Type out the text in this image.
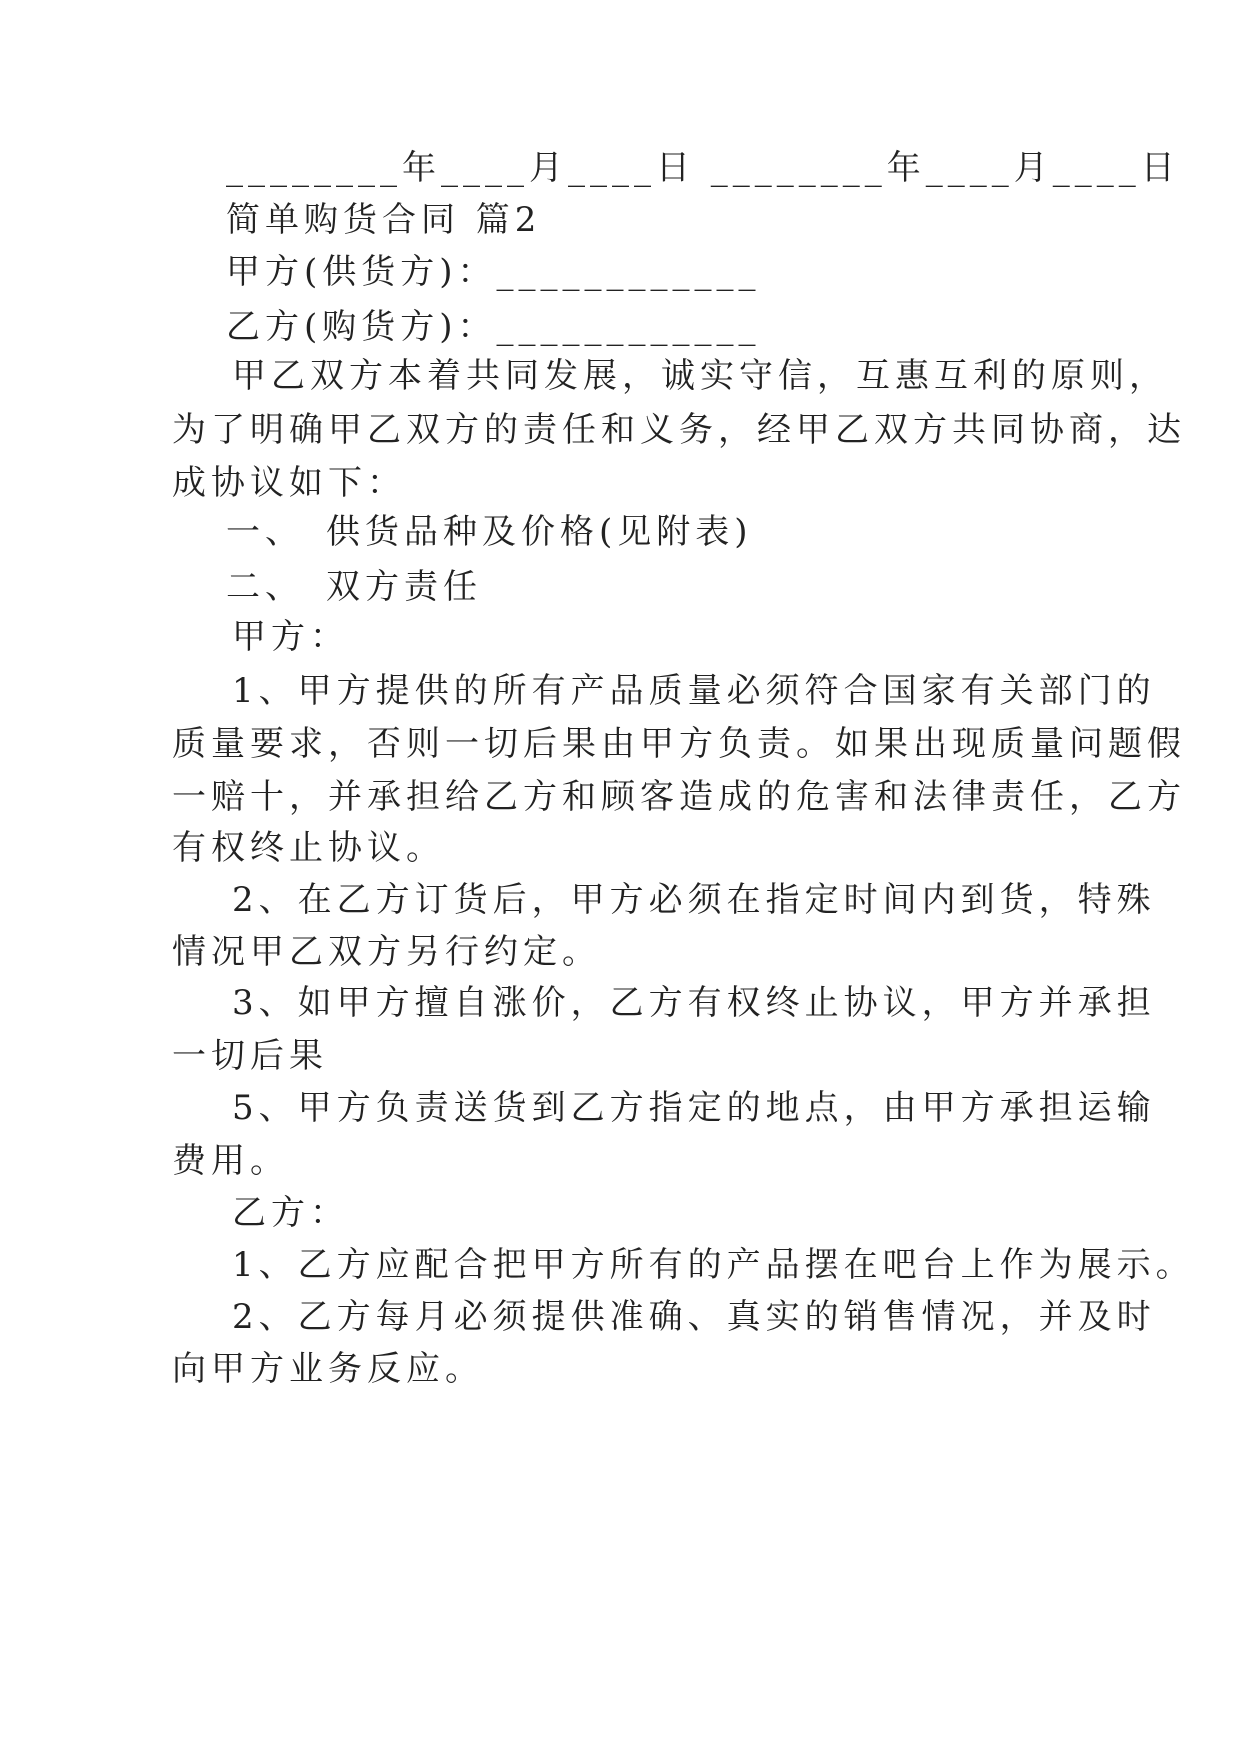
________年____月____日 ________年____月____日
简单购货合同 篇2
甲方(供货方)：____________
乙方(购货方)：____________
甲乙双方本着共同发展，诚实守信，互惠互利的原则，
为了明确甲乙双方的责任和义务，经甲乙双方共同协商，达
成协议如下：
一、　供货品种及价格(见附表)
二、　双方责任
甲方：
1、甲方提供的所有产品质量必须符合国家有关部门的
质量要求，否则一切后果由甲方负责。如果出现质量问题假
一赔十，并承担给乙方和顾客造成的危害和法律责任，乙方
有权终止协议。
2、在乙方订货后，甲方必须在指定时间内到货，特殊
情况甲乙双方另行约定。
3、如甲方擅自涨价，乙方有权终止协议，甲方并承担
一切后果
5、甲方负责送货到乙方指定的地点，由甲方承担运输
费用。
乙方：
1、乙方应配合把甲方所有的产品摆在吧台上作为展示。
2、乙方每月必须提供准确、真实的销售情况，并及时
向甲方业务反应。
